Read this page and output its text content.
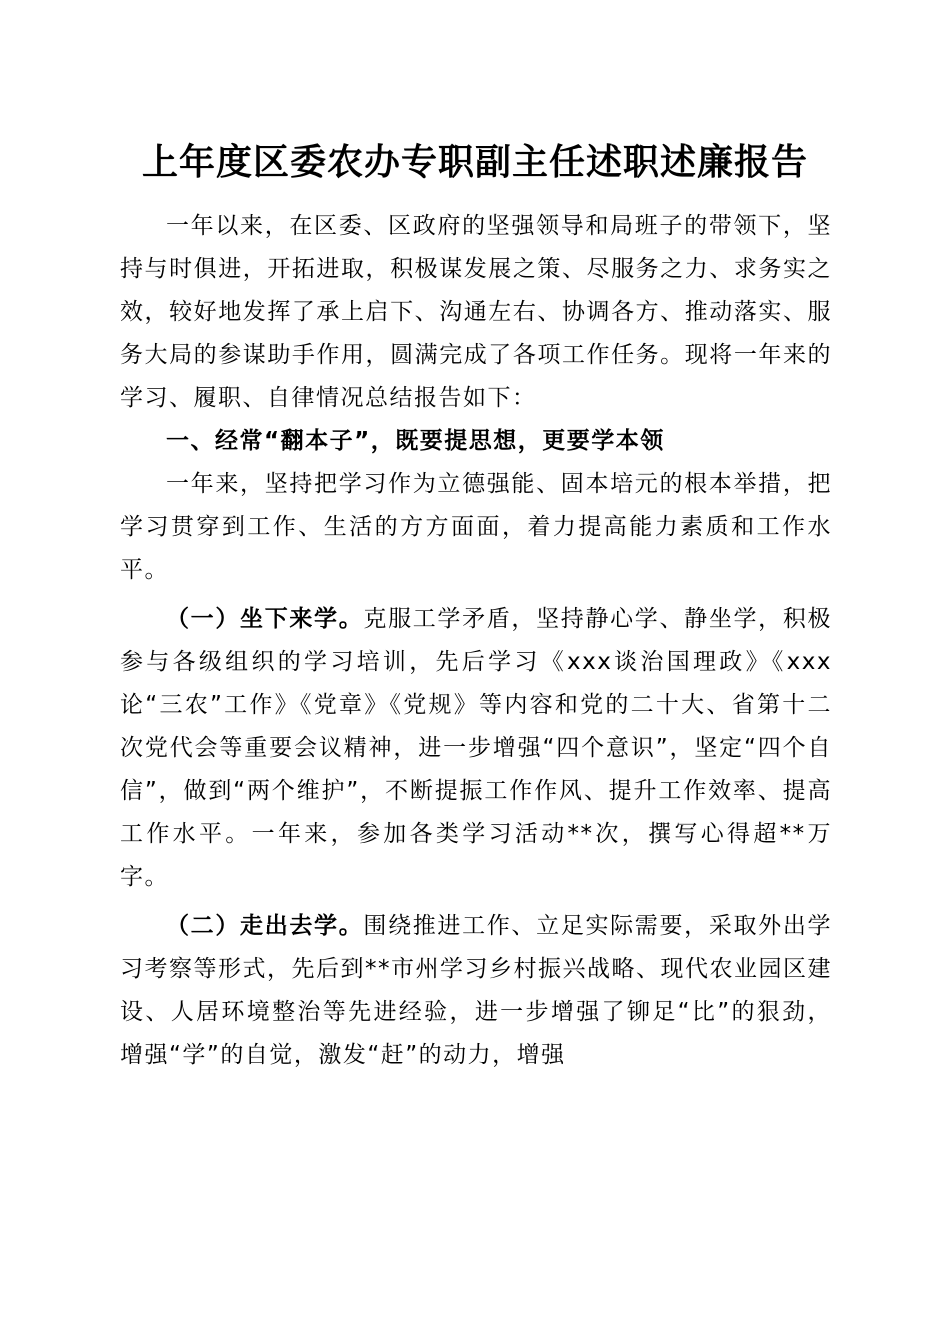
上年度区委农办专职副主任述职述廉报告

一年以来，在区委、区政府的坚强领导和局班子的带领下，坚持与时俱进，开拓进取，积极谋发展之策、尽服务之力、求务实之效，较好地发挥了承上启下、沟通左右、协调各方、推动落实、服务大局的参谋助手作用，圆满完成了各项工作任务。现将一年来的学习、履职、自律情况总结报告如下：

一、经常“翻本子”，既要提思想，更要学本领

一年来，坚持把学习作为立德强能、固本培元的根本举措，把学习贯穿到工作、生活的方方面面，着力提高能力素质和工作水平。

（一）坐下来学。克服工学矛盾，坚持静心学、静坐学，积极参与各级组织的学习培训，先后学习《xxx谈治国理政》《xxx论“三农”工作》《党章》《党规》等内容和党的二十大、省第十二次党代会等重要会议精神，进一步增强“四个意识”，坚定“四个自信”，做到“两个维护”，不断提振工作作风、提升工作效率、提高工作水平。一年来，参加各类学习活动**次，撰写心得超**万字。

（二）走出去学。围绕推进工作、立足实际需要，采取外出学习考察等形式，先后到**市州学习乡村振兴战略、现代农业园区建设、人居环境整治等先进经验，进一步增强了铆足“比”的狠劲，增强“学”的自觉，激发“赶”的动力，增强
